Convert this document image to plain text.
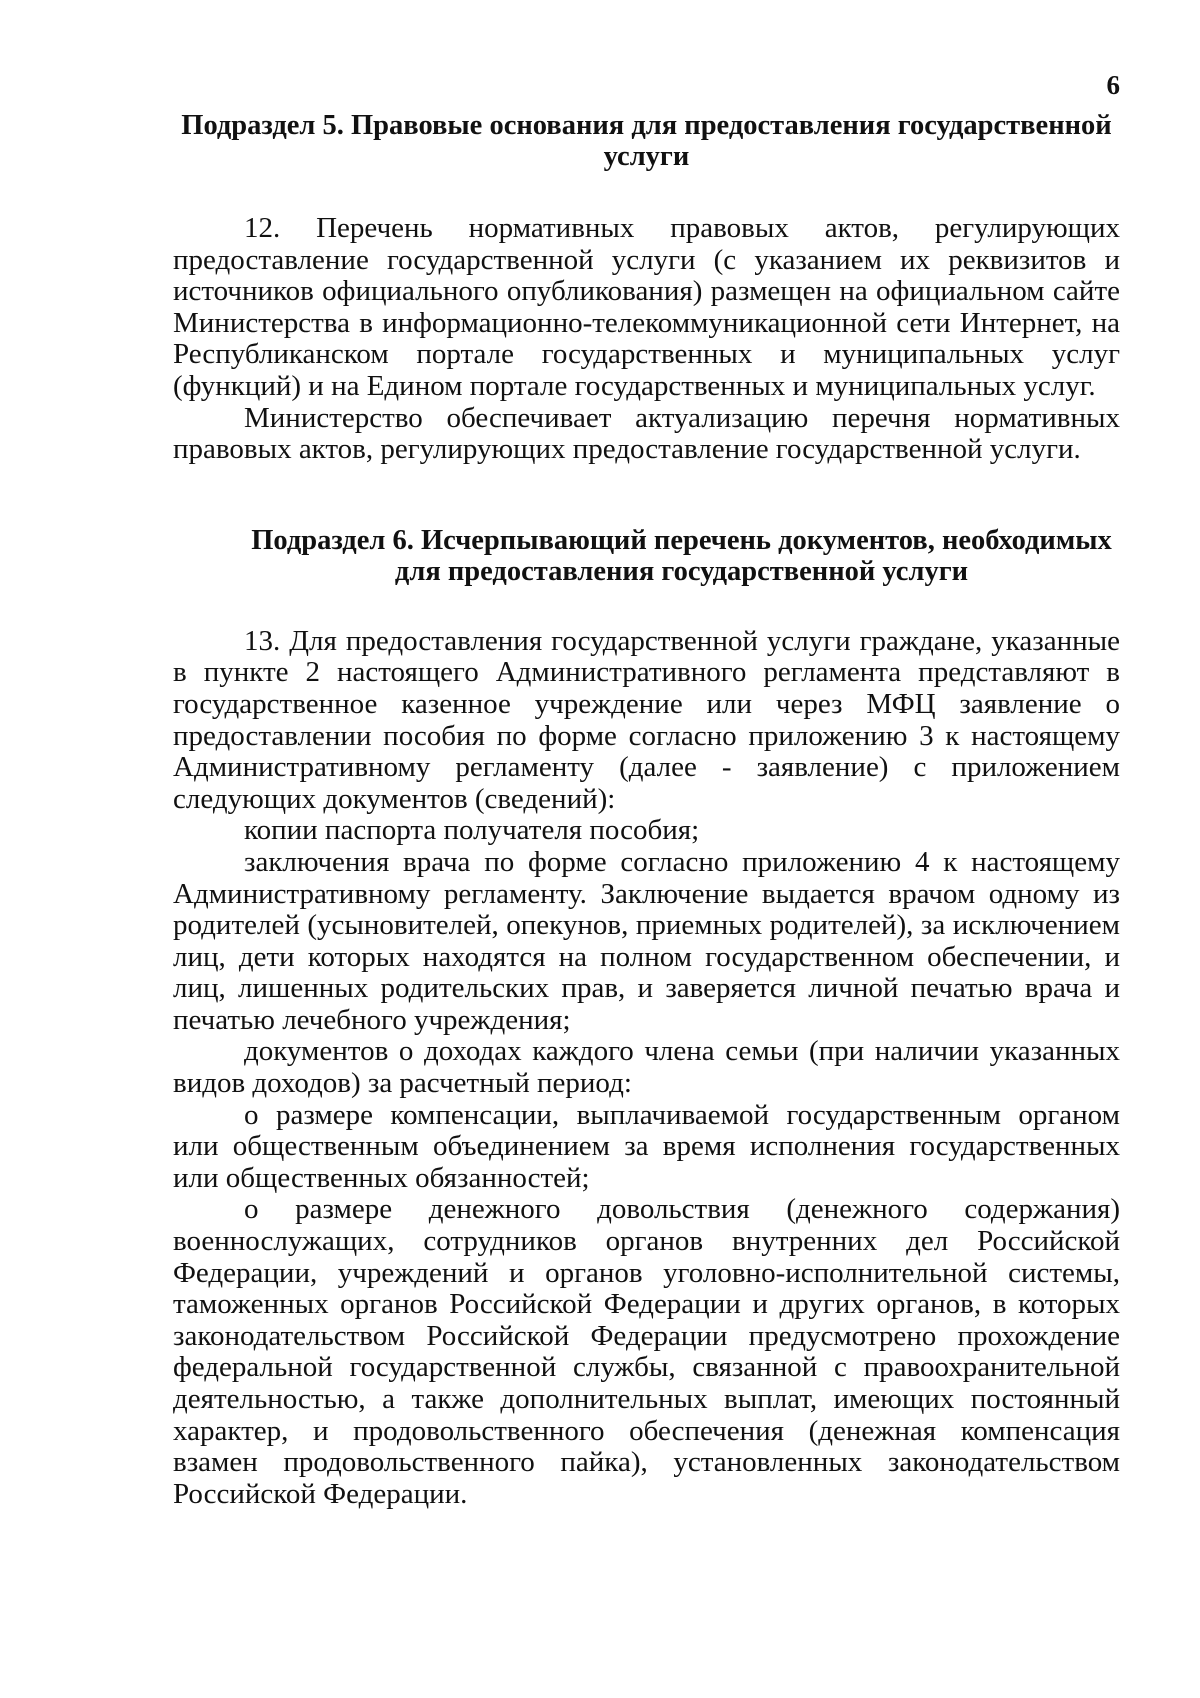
6

Подраздел 5. Правовые основания для предоставления государственной услуги

12. Перечень нормативных правовых актов, регулирующих предоставление государственной услуги (с указанием их реквизитов и источников официального опубликования) размещен на официальном сайте Министерства в информационно-телекоммуникационной сети Интернет, на Республиканском портале государственных и муниципальных услуг (функций) и на Едином портале государственных и муниципальных услуг.

Министерство обеспечивает актуализацию перечня нормативных правовых актов, регулирующих предоставление государственной услуги.

Подраздел 6. Исчерпывающий перечень документов, необходимых для предоставления государственной услуги

13. Для предоставления государственной услуги граждане, указанные в пункте 2 настоящего Административного регламента представляют в государственное казенное учреждение или через МФЦ заявление о предоставлении пособия по форме согласно приложению 3 к настоящему Административному регламенту (далее - заявление) с приложением следующих документов (сведений):

копии паспорта получателя пособия;

заключения врача по форме согласно приложению 4 к настоящему Административному регламенту. Заключение выдается врачом одному из родителей (усыновителей, опекунов, приемных родителей), за исключением лиц, дети которых находятся на полном государственном обеспечении, и лиц, лишенных родительских прав, и заверяется личной печатью врача и печатью лечебного учреждения;

документов о доходах каждого члена семьи (при наличии указанных видов доходов) за расчетный период:

о размере компенсации, выплачиваемой государственным органом или общественным объединением за время исполнения государственных или общественных обязанностей;

о размере денежного довольствия (денежного содержания) военнослужащих, сотрудников органов внутренних дел Российской Федерации, учреждений и органов уголовно-исполнительной системы, таможенных органов Российской Федерации и других органов, в которых законодательством Российской Федерации предусмотрено прохождение федеральной государственной службы, связанной с правоохранительной деятельностью, а также дополнительных выплат, имеющих постоянный характер, и продовольственного обеспечения (денежная компенсация взамен продовольственного пайка), установленных законодательством Российской Федерации.
